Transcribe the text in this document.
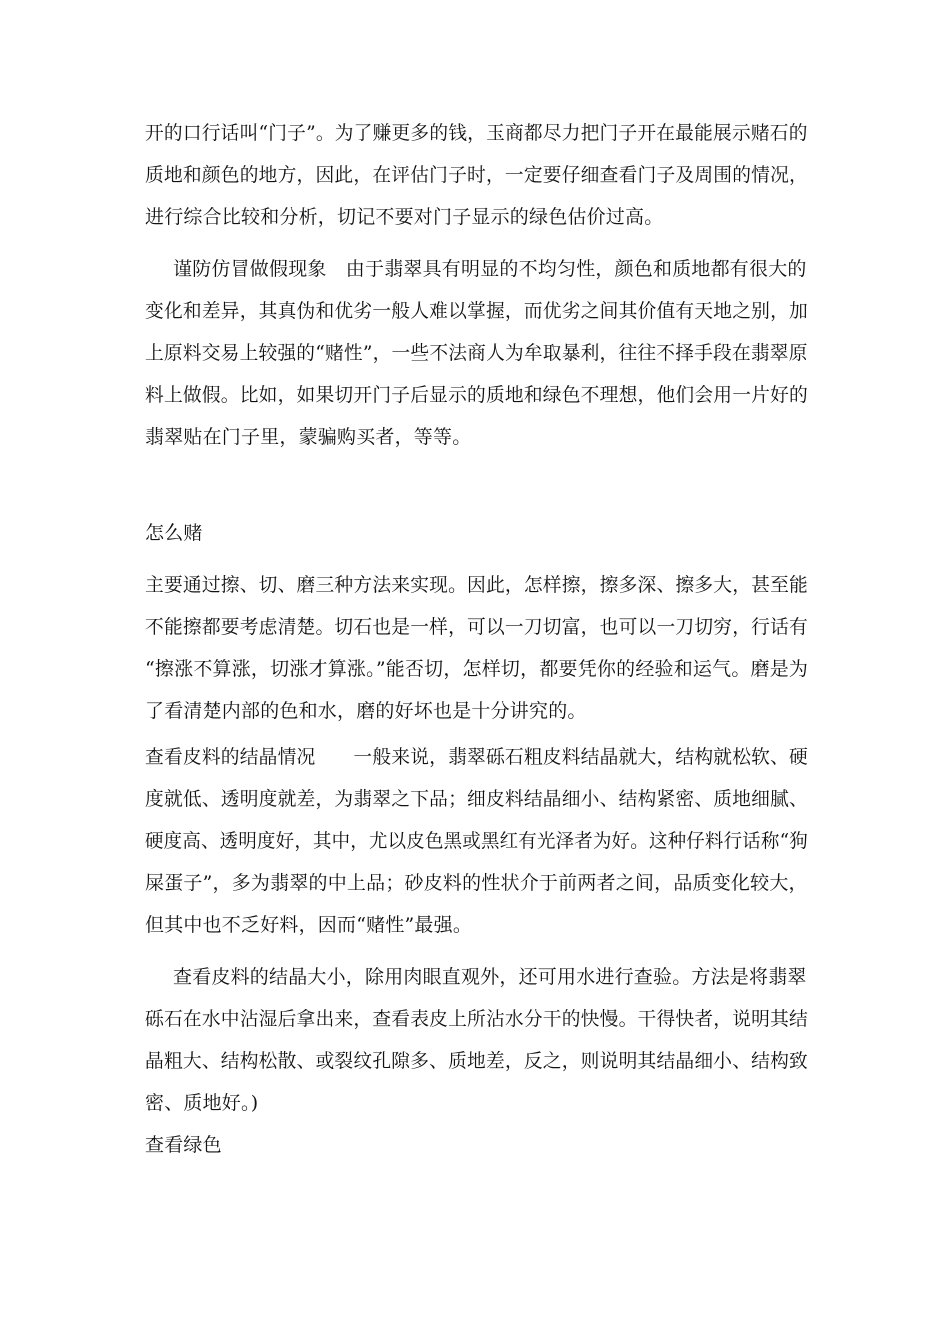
开的口行话叫“门子”。为了赚更多的钱，玉商都尽力把门子开在最能展示赌石的
质地和颜色的地方，因此，在评估门子时，一定要仔细查看门子及周围的情况，
进行综合比较和分析，切记不要对门子显示的绿色估价过高。
谨防仿冒做假现象　由于翡翠具有明显的不均匀性，颜色和质地都有很大的
变化和差异，其真伪和优劣一般人难以掌握，而优劣之间其价值有天地之别，加
上原料交易上较强的“赌性”，一些不法商人为牟取暴利，往往不择手段在翡翠原
料上做假。比如，如果切开门子后显示的质地和绿色不理想，他们会用一片好的
翡翠贴在门子里，蒙骗购买者，等等。
怎么赌
主要通过擦、切、磨三种方法来实现。因此，怎样擦，擦多深、擦多大，甚至能
不能擦都要考虑清楚。切石也是一样，可以一刀切富，也可以一刀切穷，行话有
“擦涨不算涨，切涨才算涨。”能否切，怎样切，都要凭你的经验和运气。磨是为
了看清楚内部的色和水，磨的好坏也是十分讲究的。
查看皮料的结晶情况　　一般来说，翡翠砾石粗皮料结晶就大，结构就松软、硬
度就低、透明度就差，为翡翠之下品；细皮料结晶细小、结构紧密、质地细腻、
硬度高、透明度好，其中，尤以皮色黑或黑红有光泽者为好。这种仔料行话称“狗
屎蛋子”，多为翡翠的中上品；砂皮料的性状介于前两者之间，品质变化较大，
但其中也不乏好料，因而“赌性”最强。
查看皮料的结晶大小，除用肉眼直观外，还可用水进行查验。方法是将翡翠
砾石在水中沾湿后拿出来，查看表皮上所沾水分干的快慢。干得快者，说明其结
晶粗大、结构松散、或裂纹孔隙多、质地差，反之，则说明其结晶细小、结构致
密、质地好。)
查看绿色
